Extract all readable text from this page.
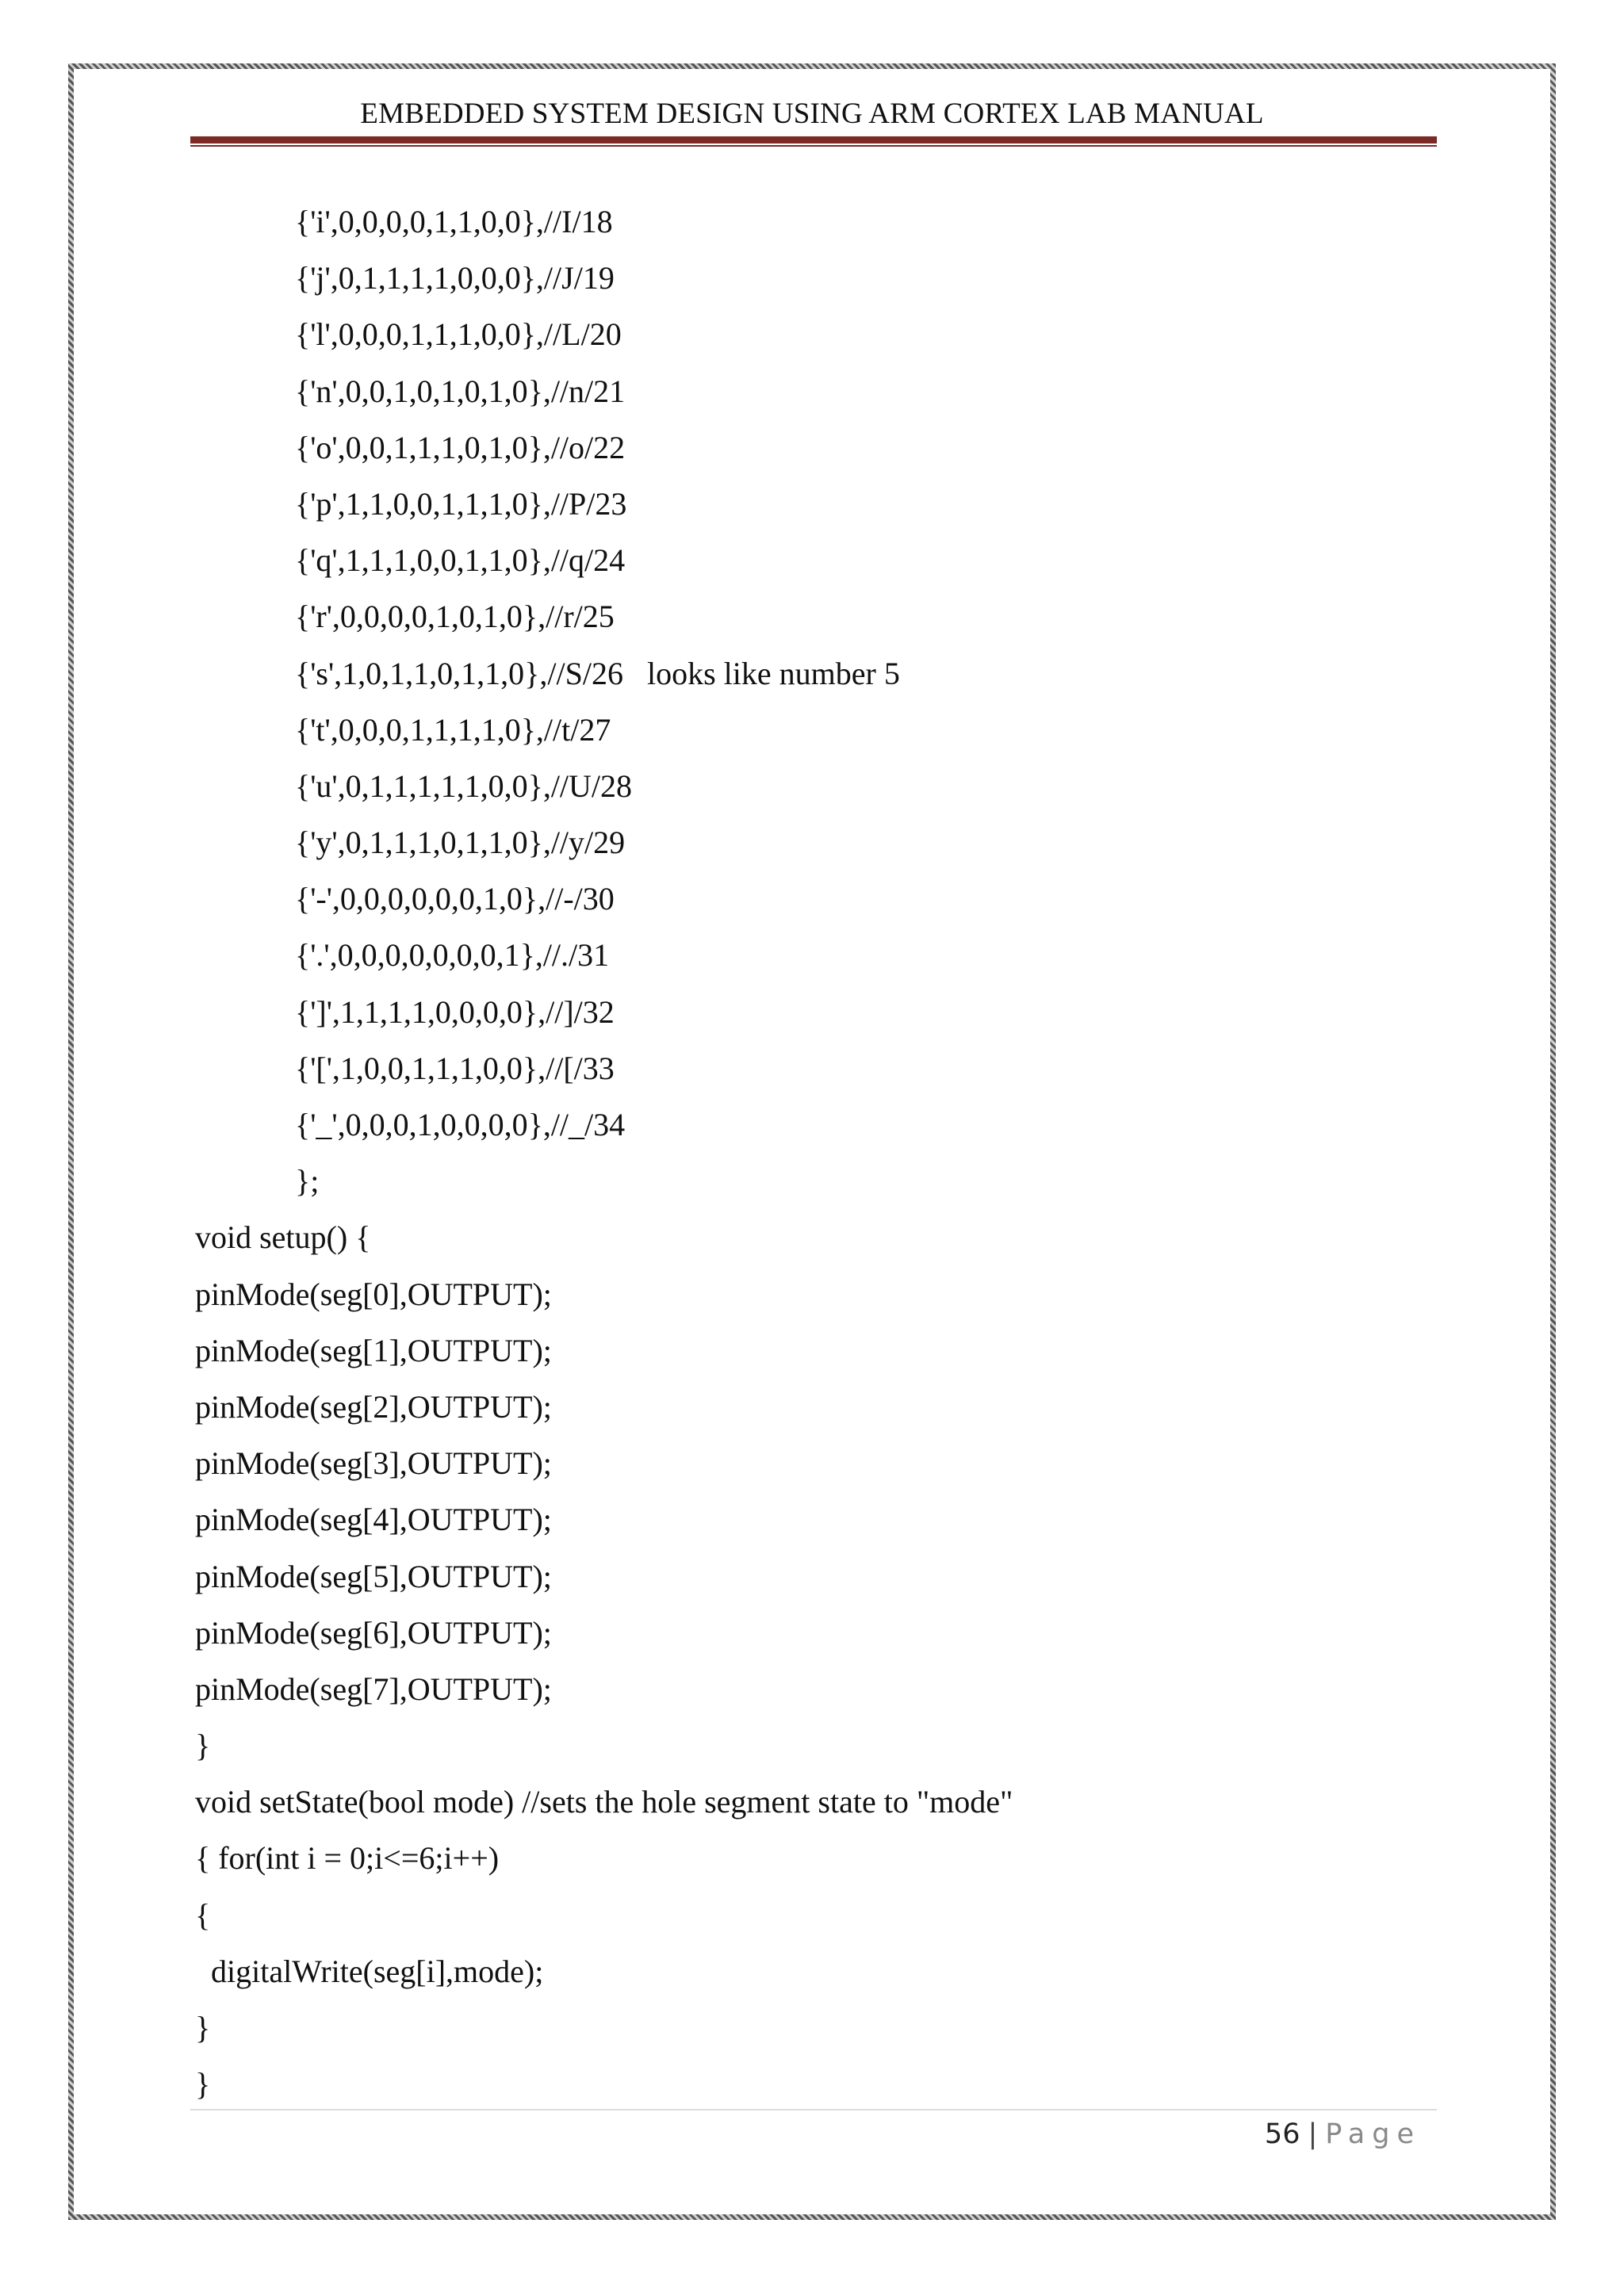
EMBEDDED SYSTEM DESIGN USING ARM CORTEX LAB MANUAL
{'i',0,0,0,0,1,1,0,0},//I/18
{'j',0,1,1,1,1,0,0,0},//J/19
{'l',0,0,0,1,1,1,0,0},//L/20
{'n',0,0,1,0,1,0,1,0},//n/21
{'o',0,0,1,1,1,0,1,0},//o/22
{'p',1,1,0,0,1,1,1,0},//P/23
{'q',1,1,1,0,0,1,1,0},//q/24
{'r',0,0,0,0,1,0,1,0},//r/25
{'s',1,0,1,1,0,1,1,0},//S/26   looks like number 5
{'t',0,0,0,1,1,1,1,0},//t/27
{'u',0,1,1,1,1,1,0,0},//U/28
{'y',0,1,1,1,0,1,1,0},//y/29
{'-',0,0,0,0,0,0,1,0},//-/30
{'.',0,0,0,0,0,0,0,1},//./31
{']',1,1,1,1,0,0,0,0},//]/32
{'[',1,0,0,1,1,1,0,0},//[/33
{'_',0,0,0,1,0,0,0,0},//_/34
};
void setup() {
pinMode(seg[0],OUTPUT);
pinMode(seg[1],OUTPUT);
pinMode(seg[2],OUTPUT);
pinMode(seg[3],OUTPUT);
pinMode(seg[4],OUTPUT);
pinMode(seg[5],OUTPUT);
pinMode(seg[6],OUTPUT);
pinMode(seg[7],OUTPUT);
}
void setState(bool mode) //sets the hole segment state to "mode"
{ for(int i = 0;i<=6;i++)
{
digitalWrite(seg[i],mode);
}
}
56 | Page
